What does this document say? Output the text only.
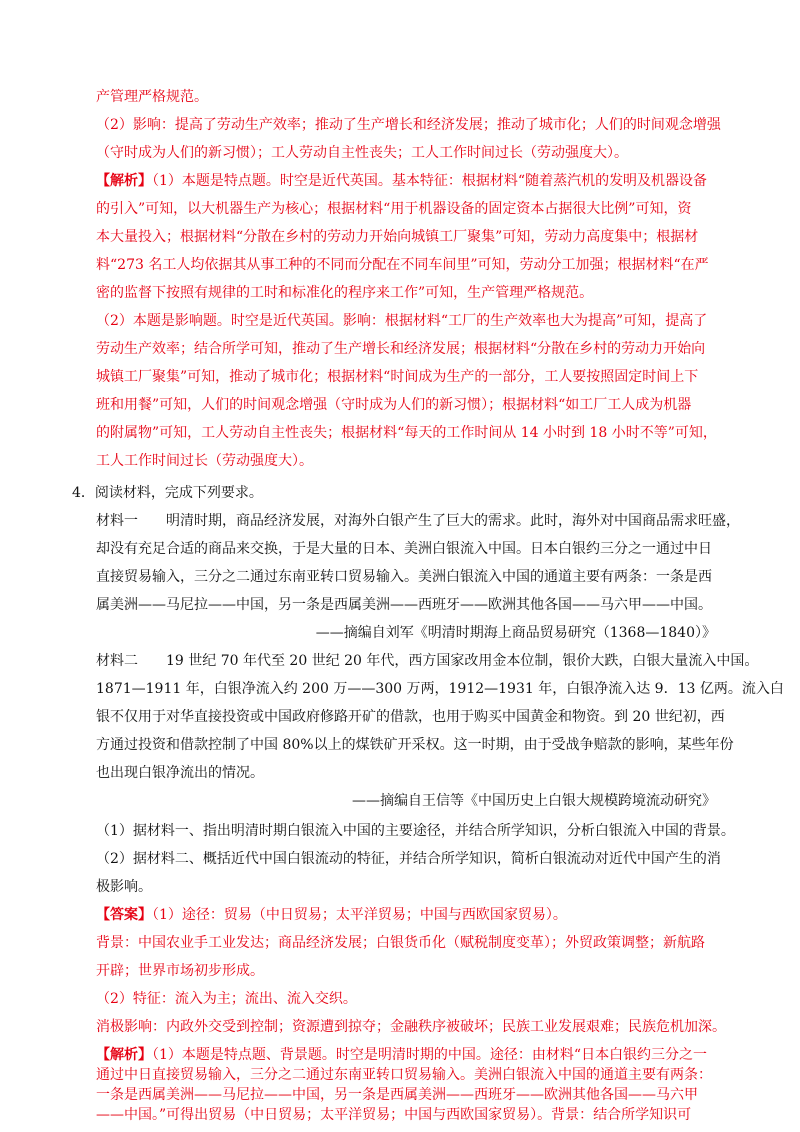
产管理严格规范。
（2）影响：提高了劳动生产效率；推动了生产增长和经济发展；推动了城市化；人们的时间观念增强
（守时成为人们的新习惯）；工人劳动自主性丧失；工人工作时间过长（劳动强度大）。
【解析】（1）本题是特点题。时空是近代英国。基本特征：根据材料“随着蒸汽机的发明及机器设备
的引入”可知，以大机器生产为核心；根据材料“用于机器设备的固定资本占据很大比例”可知，资
本大量投入；根据材料“分散在乡村的劳动力开始向城镇工厂聚集”可知，劳动力高度集中；根据材
料“273 名工人均依据其从事工种的不同而分配在不同车间里”可知，劳动分工加强；根据材料“在严
密的监督下按照有规律的工时和标准化的程序来工作”可知，生产管理严格规范。
（2）本题是影响题。时空是近代英国。影响：根据材料“工厂的生产效率也大为提高”可知，提高了
劳动生产效率；结合所学可知，推动了生产增长和经济发展；根据材料“分散在乡村的劳动力开始向
城镇工厂聚集”可知，推动了城市化；根据材料“时间成为生产的一部分，工人要按照固定时间上下
班和用餐”可知，人们的时间观念增强（守时成为人们的新习惯）；根据材料“如工厂工人成为机器
的附属物”可知，工人劳动自主性丧失；根据材料“每天的工作时间从 14 小时到 18 小时不等”可知，
工人工作时间过长（劳动强度大）。
4．阅读材料，完成下列要求。
材料一　　明清时期，商品经济发展，对海外白银产生了巨大的需求。此时，海外对中国商品需求旺盛，
却没有充足合适的商品来交换，于是大量的日本、美洲白银流入中国。日本白银约三分之一通过中日
直接贸易输入，三分之二通过东南亚转口贸易输入。美洲白银流入中国的通道主要有两条：一条是西
属美洲——马尼拉——中国，另一条是西属美洲——西班牙——欧洲其他各国——马六甲——中国。
——摘编自刘军《明清时期海上商品贸易研究（1368—1840）》
材料二　　19 世纪 70 年代至 20 世纪 20 年代，西方国家改用金本位制，银价大跌，白银大量流入中国。
1871—1911 年，白银净流入约 200 万——300 万两，1912—1931 年，白银净流入达 9．13 亿两。流入白
银不仅用于对华直接投资或中国政府修路开矿的借款，也用于购买中国黄金和物资。到 20 世纪初，西
方通过投资和借款控制了中国 80%以上的煤铁矿开采权。这一时期，由于受战争赔款的影响，某些年份
也出现白银净流出的情况。
——摘编自王信等《中国历史上白银大规模跨境流动研究》
（1）据材料一、指出明清时期白银流入中国的主要途径，并结合所学知识，分析白银流入中国的背景。
（2）据材料二、概括近代中国白银流动的特征，并结合所学知识，简析白银流动对近代中国产生的消
极影响。
【答案】（1）途径：贸易（中日贸易；太平洋贸易；中国与西欧国家贸易）。
背景：中国农业手工业发达；商品经济发展；白银货币化（赋税制度变革）；外贸政策调整；新航路
开辟；世界市场初步形成。
（2）特征：流入为主；流出、流入交织。
消极影响：内政外交受到控制；资源遭到掠夺；金融秩序被破坏；民族工业发展艰难；民族危机加深。
【解析】（1）本题是特点题、背景题。时空是明清时期的中国。途径：由材料“日本白银约三分之一
通过中日直接贸易输入，三分之二通过东南亚转口贸易输入。美洲白银流入中国的通道主要有两条：
一条是西属美洲——马尼拉——中国，另一条是西属美洲——西班牙——欧洲其他各国——马六甲
——中国。”可得出贸易（中日贸易；太平洋贸易；中国与西欧国家贸易）。背景：结合所学知识可
